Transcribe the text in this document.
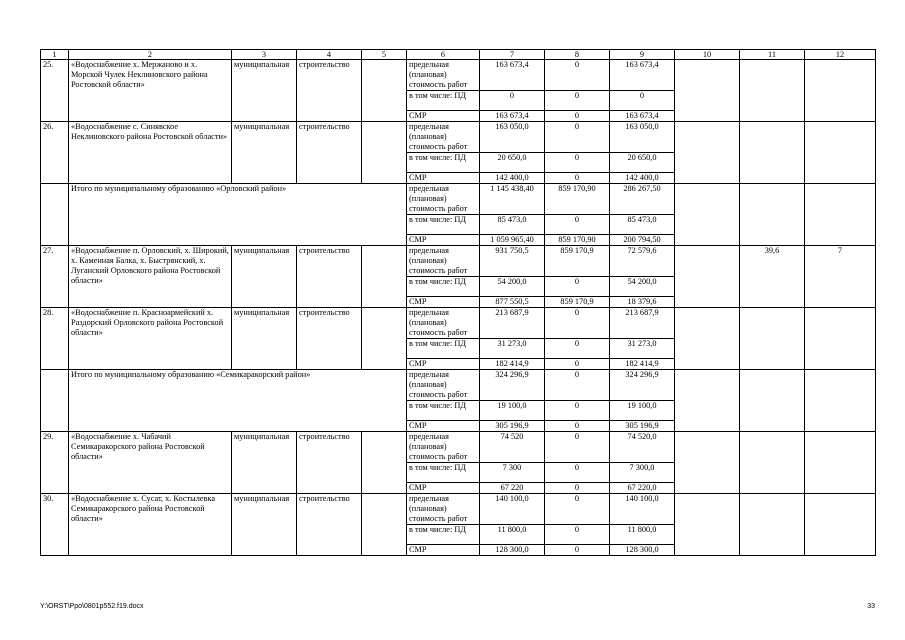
1	2	3	4	5	6	7	8	9	10	11	12
25.	«Водоснабжение х. Мержаново и х. Морской Чулек Неклиновского района Ростовской области»	муниципальная	строительство		предельная (плановая) стоимость работ	163 673,4	0	163 673,4			
					в том числе: ПД	0	0	0			
					СМР	163 673,4	0	163 673,4			
26.	«Водоснабжение с. Синявское Неклиновского района Ростовской области»	муниципальная	строительство		предельная (плановая) стоимость работ	163 050,0	0	163 050,0			
					в том числе: ПД	20 650,0	0	20 650,0			
					СМР	142 400,0	0	142 400,0			
	Итого по муниципальному образованию «Орловский район»				предельная (плановая) стоимость работ	1 145 438,40	859 170,90	286 267,50			
					в том числе: ПД	85 473,0	0	85 473,0			
					СМР	1 059 965,40	859 170,90	200 794,50			
27.	«Водоснабжение п. Орловский, х. Широкий, х. Каменная Балка, х. Быстрянский, х. Луганский Орловского района Ростовской области»	муниципальная	строительство		предельная (плановая) стоимость работ	931 750,5	859 170,9	72 579,6		39,6	7
					в том числе: ПД	54 200,0	0	54 200,0			
					СМР	877 550,5	859 170,9	18 379,6			
28.	«Водоснабжение п. Красноармейский х. Раздорский Орловского района Ростовской области»	муниципальная	строительство		предельная (плановая) стоимость работ	213 687,9	0	213 687,9			
					в том числе: ПД	31 273,0	0	31 273,0			
					СМР	182 414,9	0	182 414,9			
	Итого по муниципальному образованию «Семикаракорский район»				предельная (плановая) стоимость работ	324 296,9	0	324 296,9			
					в том числе: ПД	19 100,0	0	19 100,0			
					СМР	305 196,9	0	305 196,9			
29.	«Водоснабжение х. Чабачий Семикаракорского района Ростовской области»	муниципальная	строительство		предельная (плановая) стоимость работ	74 520	0	74 520,0			
					в том числе: ПД	7 300	0	7 300,0			
					СМР	67 220	0	67 220,0			
30.	«Водоснабжение х. Сусат, х. Костылевка Семикаракорского района Ростовской области»	муниципальная	строительство		предельная (плановая) стоимость работ	140 100,0	0	140 100,0			
					в том числе: ПД	11 800,0	0	11 800,0			
					СМР	128 300,0	0	128 300,0			
Y:\ORST\Ppo\0801p552.f19.docx	33
